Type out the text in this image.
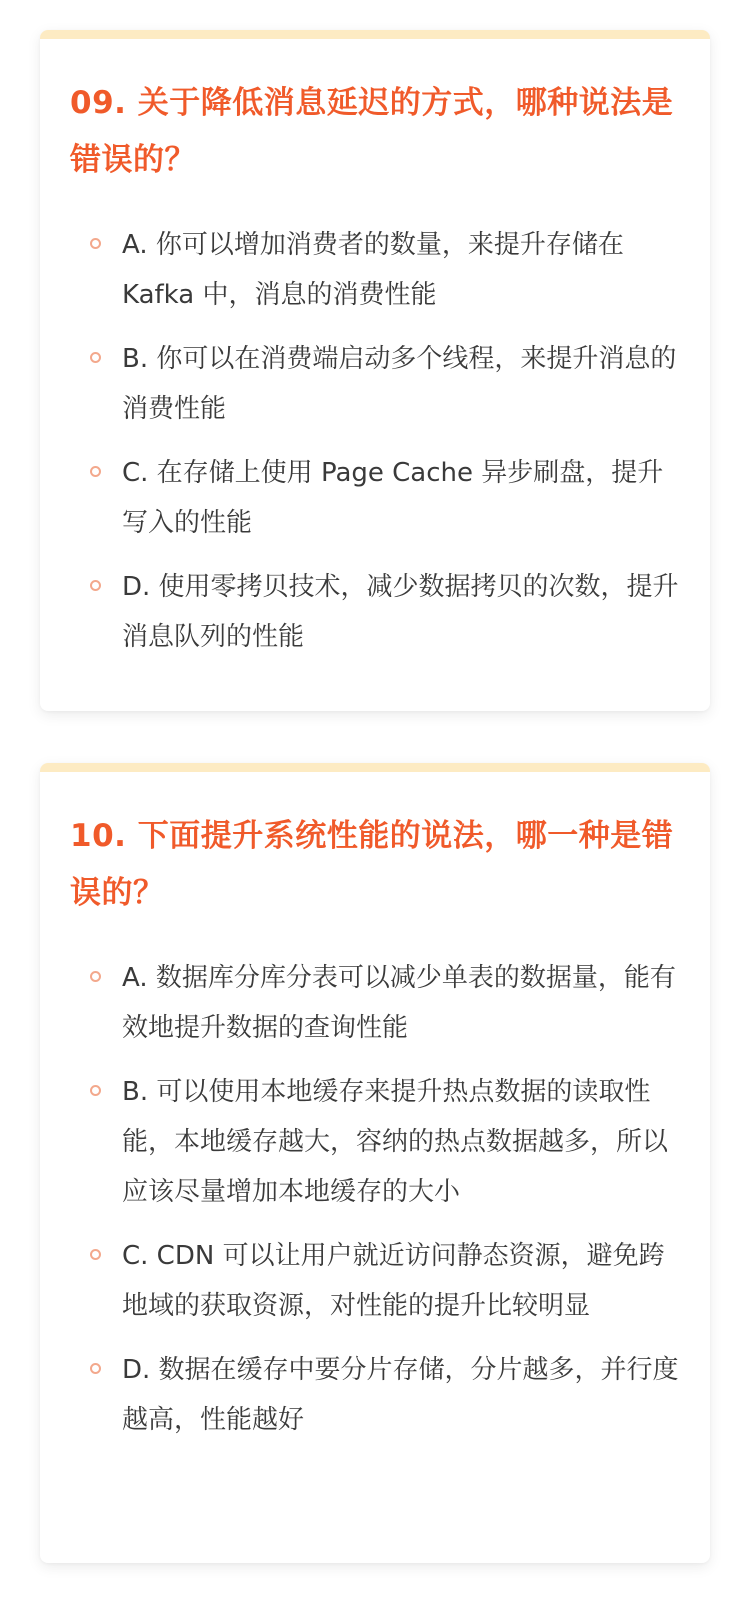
09. 关于降低消息延迟的方式，哪种说法是错误的？
A. 你可以增加消费者的数量，来提升存储在 Kafka 中，消息的消费性能
B. 你可以在消费端启动多个线程，来提升消息的消费性能
C. 在存储上使用 Page Cache 异步刷盘，提升写入的性能
D. 使用零拷贝技术，减少数据拷贝的次数，提升消息队列的性能
10. 下面提升系统性能的说法，哪一种是错误的？
A. 数据库分库分表可以减少单表的数据量，能有效地提升数据的查询性能
B. 可以使用本地缓存来提升热点数据的读取性能，本地缓存越大，容纳的热点数据越多，所以应该尽量增加本地缓存的大小
C. CDN 可以让用户就近访问静态资源，避免跨地域的获取资源，对性能的提升比较明显
D. 数据在缓存中要分片存储，分片越多，并行度越高，性能越好
